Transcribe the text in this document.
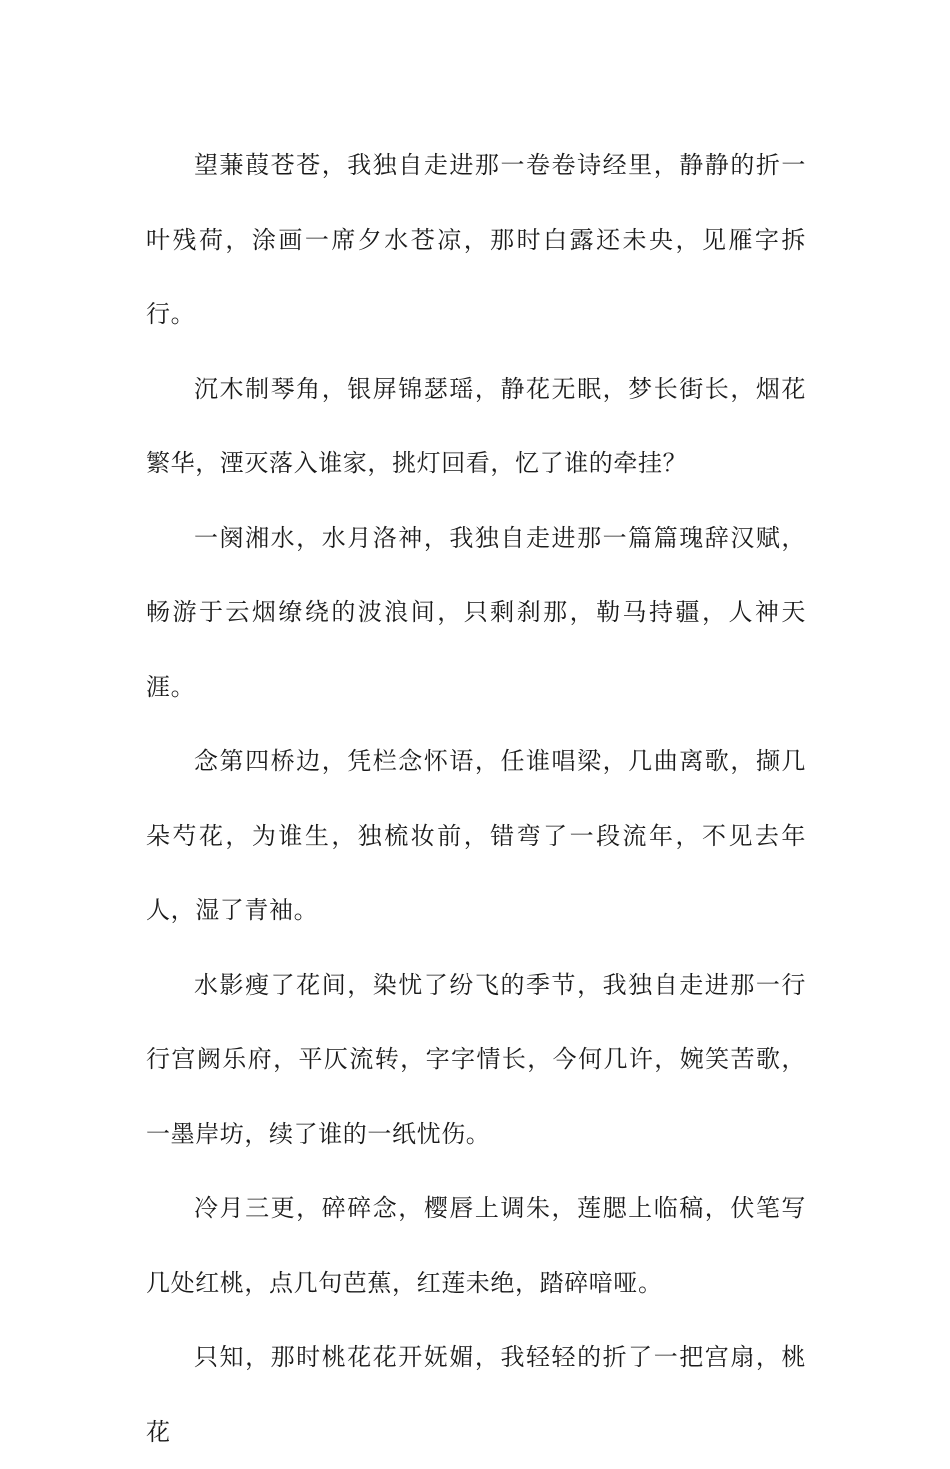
望蒹葭苍苍，我独自走进那一卷卷诗经里，静静的折一叶残荷，涂画一席夕水苍凉，那时白露还未央，见雁字拆行。

沉木制琴角，银屏锦瑟瑶，静花无眠，梦长街长，烟花繁华，湮灭落入谁家，挑灯回看，忆了谁的牵挂？

一阕湘水，水月洛神，我独自走进那一篇篇瑰辞汉赋，畅游于云烟缭绕的波浪间，只剩刹那，勒马持疆，人神天涯。

念第四桥边，凭栏念怀语，任谁唱梁，几曲离歌，撷几朵芍花，为谁生，独梳妆前，错弯了一段流年，不见去年人，湿了青袖。

水影瘦了花间，染忧了纷飞的季节，我独自走进那一行行宫阙乐府，平仄流转，字字情长，今何几许，婉笑苦歌，一墨岸坊，续了谁的一纸忧伤。

冷月三更，碎碎念，樱唇上调朱，莲腮上临稿，伏笔写几处红桃，点几句芭蕉，红莲未绝，踏碎喑哑。

只知，那时桃花花开妩媚，我轻轻的折了一把宫扇，桃花
